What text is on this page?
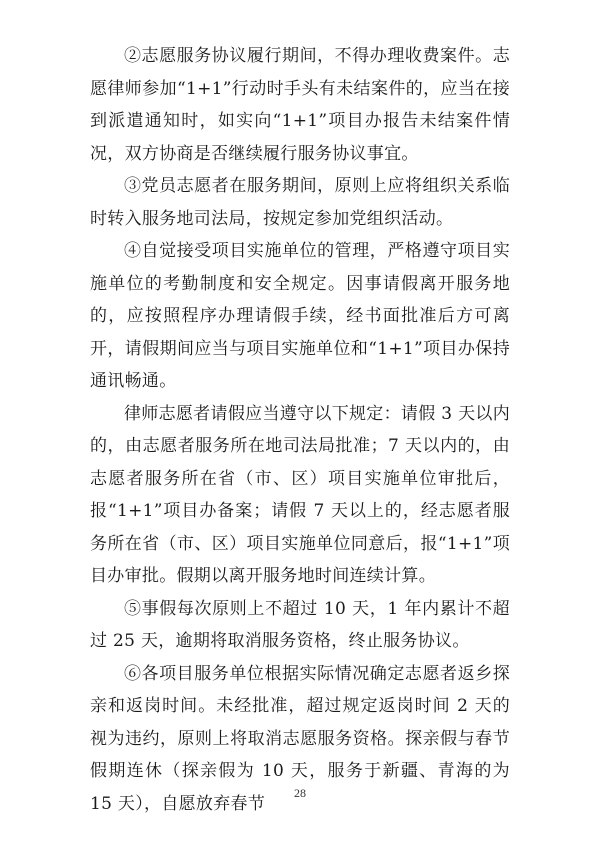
②志愿服务协议履行期间，不得办理收费案件。志愿律师参加“1+1”行动时手头有未结案件的，应当在接到派遣通知时，如实向“1+1”项目办报告未结案件情况，双方协商是否继续履行服务协议事宜。

③党员志愿者在服务期间，原则上应将组织关系临时转入服务地司法局，按规定参加党组织活动。

④自觉接受项目实施单位的管理，严格遵守项目实施单位的考勤制度和安全规定。因事请假离开服务地的，应按照程序办理请假手续，经书面批准后方可离开，请假期间应当与项目实施单位和“1+1”项目办保持通讯畅通。

律师志愿者请假应当遵守以下规定：请假 3 天以内的，由志愿者服务所在地司法局批准；7 天以内的，由志愿者服务所在省（市、区）项目实施单位审批后，报“1+1”项目办备案；请假 7 天以上的，经志愿者服务所在省（市、区）项目实施单位同意后，报“1+1”项目办审批。假期以离开服务地时间连续计算。

⑤事假每次原则上不超过 10 天，1 年内累计不超过 25 天，逾期将取消服务资格，终止服务协议。

⑥各项目服务单位根据实际情况确定志愿者返乡探亲和返岗时间。未经批准，超过规定返岗时间 2 天的视为违约，原则上将取消志愿服务资格。探亲假与春节假期连休（探亲假为 10 天，服务于新疆、青海的为 15 天），自愿放弃春节

28
